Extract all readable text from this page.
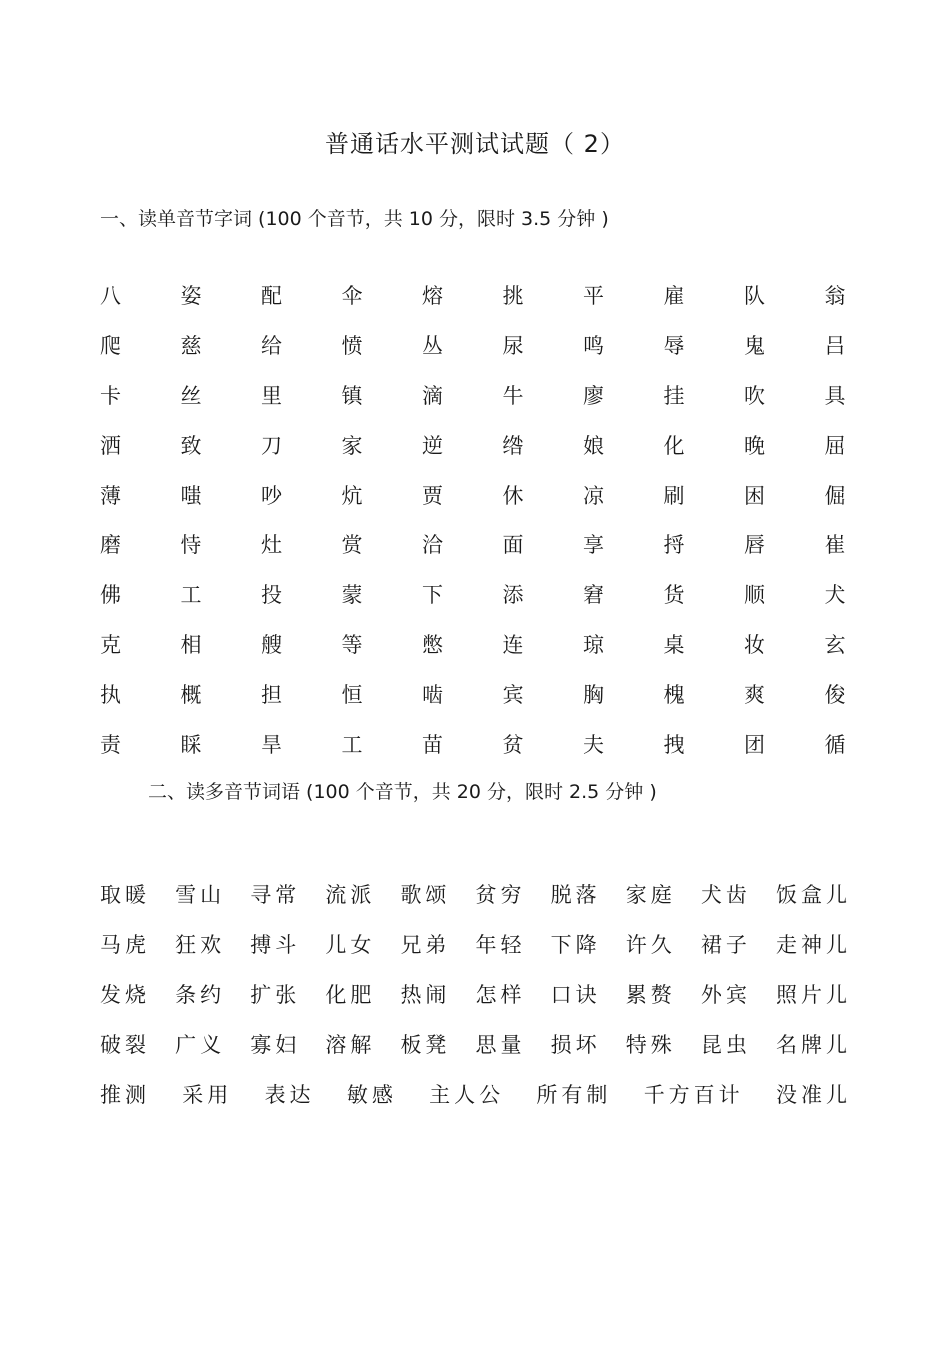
普通话水平测试试题（ 2）
一、读单音节字词 (100 个音节，共 10 分，限时 3.5 分钟 )
八	姿	配	伞	熔	挑	平	雇	队	翁
爬	慈	给	愤	丛	尿	鸣	辱	鬼	吕
卡	丝	里	镇	滴	牛	廖	挂	吹	具
洒	致	刀	家	逆	绺	娘	化	晚	屈
薄	嗤	吵	炕	贾	休	凉	刷	困	倔
磨	恃	灶	赏	洽	面	享	捋	唇	崔
佛	工	投	蒙	下	添	窘	货	顺	犬
克	相	艘	等	憋	连	琼	桌	妆	玄
执	概	担	恒	啮	宾	胸	槐	爽	俊
责	睬	旱	工	苗	贫	夫	拽	团	循
二、读多音节词语 (100 个音节，共 20 分，限时 2.5 分钟 )
取暖 雪山 寻常 流派 歌颂 贫穷 脱落 家庭 犬齿 饭盒儿
马虎 狂欢 搏斗 儿女 兄弟 年轻 下降 许久 裙子 走神儿
发烧 条约 扩张 化肥 热闹 怎样 口诀 累赘 外宾 照片儿
破裂 广义 寡妇 溶解 板凳 思量 损坏 特殊 昆虫 名牌儿
推测 采用 表达 敏感 主人公 所有制 千方百计 没准儿
